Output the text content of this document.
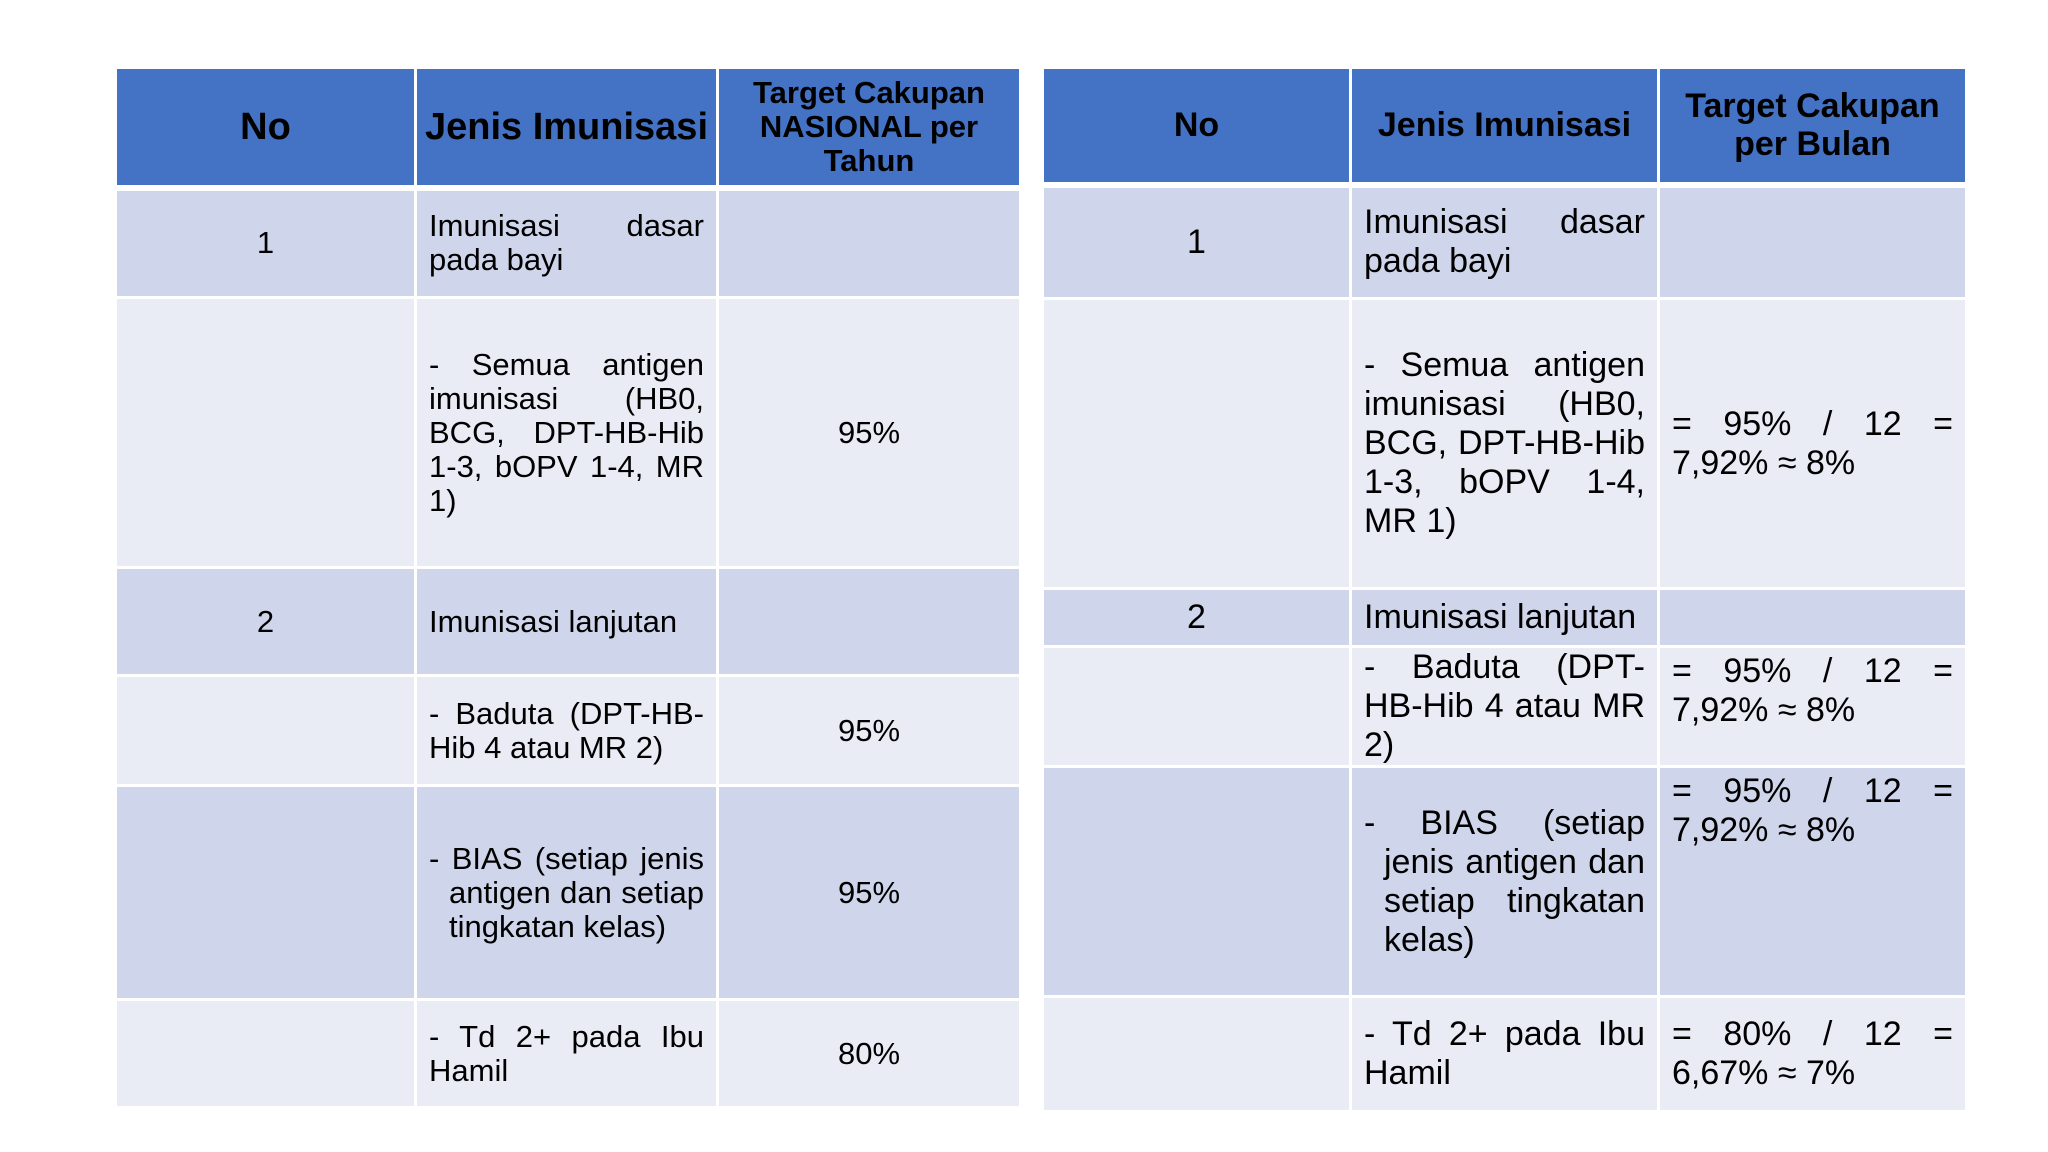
No	Jenis Imunisasi	Target Cakupan NASIONAL per Tahun
1	Imunisasi dasar pada bayi	
	- Semua antigen imunisasi (HB0, BCG, DPT-HB-Hib 1-3, bOPV 1-4, MR 1)	95%
2	Imunisasi lanjutan	
	- Baduta (DPT-HB-Hib 4 atau MR 2)	95%

	- BIAS (setiap jenis antigen dan setiap tingkatan kelas)	95%
	- Td 2+ pada Ibu Hamil	80%
No	Jenis Imunisasi	Target Cakupan per Bulan
1	Imunisasi dasar pada bayi	
	- Semua antigen imunisasi (HB0, BCG, DPT-HB-Hib 1-3, bOPV 1-4, MR 1)	= 95% / 12 = 7,92% ≈ 8%
2	Imunisasi lanjutan	
	- Baduta (DPT-HB-Hib 4 atau MR 2)	= 95% / 12 = 7,92% ≈ 8%

	- BIAS (setiap jenis antigen dan setiap tingkatan kelas)	= 95% / 12 = 7,92% ≈ 8%
	- Td 2+ pada Ibu Hamil	= 80% / 12 = 6,67% ≈ 7%
